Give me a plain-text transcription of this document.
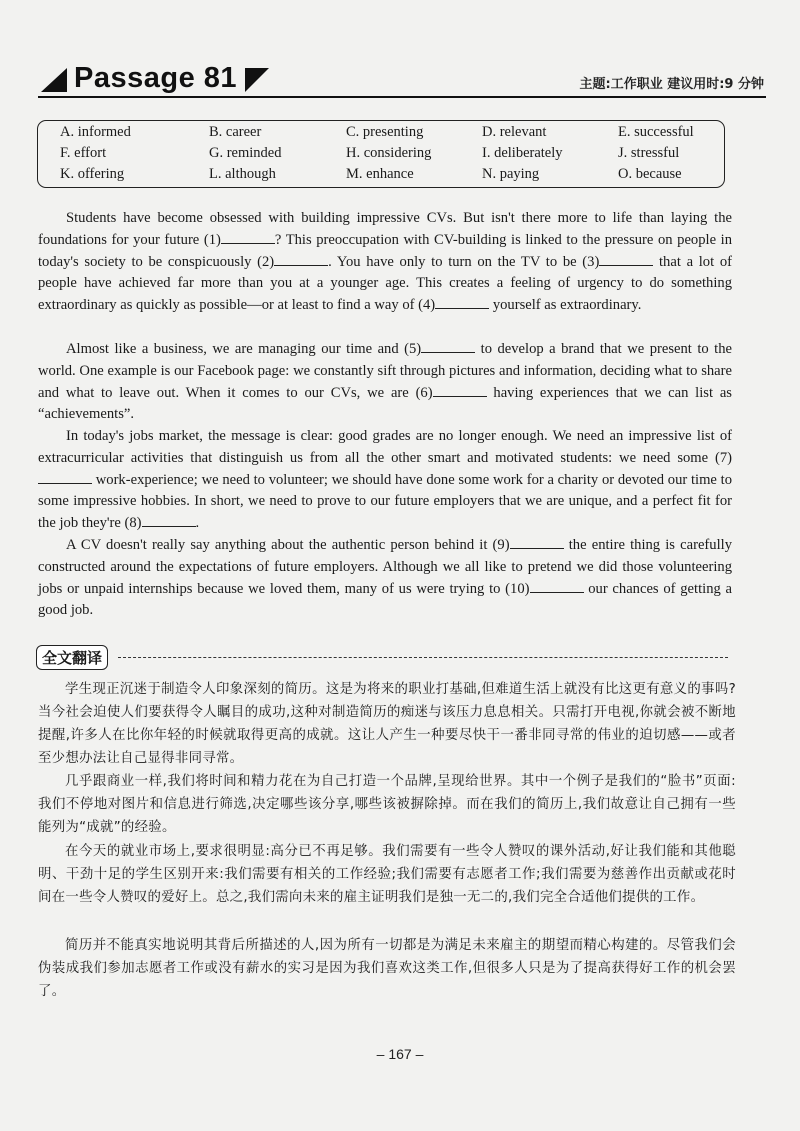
Passage 81	主题:工作职业 建议用时:9 分钟
A. informed	B. career	C. presenting	D. relevant	E. successful
F. effort	G. reminded	H. considering	I. deliberately	J. stressful
K. offering	L. although	M. enhance	N. paying	O. because
Students have become obsessed with building impressive CVs. But isn't there more to life than laying the foundations for your future (1)	? This preoccupation with CV-building is linked to the pressure on people in today's society to be conspicuously (2)	. You have only to turn on the TV to be (3)	that a lot of people have achieved far more than you at a younger age. This creates a feeling of urgency to do something extraordinary as quickly as possible—or at least to find a way of (4)	yourself as extraordinary.
Almost like a business, we are managing our time and (5)	to develop a brand that we present to the world. One example is our Facebook page: we constantly sift through pictures and information, deciding what to share and what to leave out. When it comes to our CVs, we are (6)	having experiences that we can list as “achievements”.
In today's jobs market, the message is clear: good grades are no longer enough. We need an impressive list of extracurricular activities that distinguish us from all the other smart and motivated students: we need some (7) work-experience; we need to volunteer; we should have done some work for a charity or devoted our time to some impressive hobbies. In short, we need to prove to our future employers that we are unique, and a perfect fit for the job they're (8)	.
A CV doesn't really say anything about the authentic person behind it (9)	the entire thing is carefully constructed around the expectations of future employers. Although we all like to pretend we did those volunteering jobs or unpaid internships because we loved them, many of us were trying to (10)	our chances of getting a good job.
全文翻译

学生现正沉迷于制造令人印象深刻的简历。这是为将来的职业打基础,但难道生活上就没有比这更有意义的事吗?当今社会迫使人们要获得令人瞩目的成功,这种对制造简历的痴迷与该压力息息相关。只需打开电视,你就会被不断地提醒,许多人在比你年轻的时候就取得更高的成就。这让人产生一种要尽快干一番非同寻常的伟业的迫切感——或者至少想办法让自己显得非同寻常。

几乎跟商业一样,我们将时间和精力花在为自己打造一个品牌,呈现给世界。其中一个例子是我们的“脸书”页面:我们不停地对图片和信息进行筛选,决定哪些该分享,哪些该被摒除掉。而在我们的简历上,我们故意让自己拥有一些能列为“成就”的经验。

在今天的就业市场上,要求很明显:高分已不再足够。我们需要有一些令人赞叹的课外活动,好让我们能和其他聪明、干劲十足的学生区别开来:我们需要有相关的工作经验;我们需要有志愿者工作;我们需要为慈善作出贡献或花时间在一些令人赞叹的爱好上。总之,我们需向未来的雇主证明我们是独一无二的,我们完全合适他们提供的工作。

简历并不能真实地说明其背后所描述的人,因为所有一切都是为满足未来雇主的期望而精心构建的。尽管我们会伪装成我们参加志愿者工作或没有薪水的实习是因为我们喜欢这类工作,但很多人只是为了提高获得好工作的机会罢了。

– 167 –
